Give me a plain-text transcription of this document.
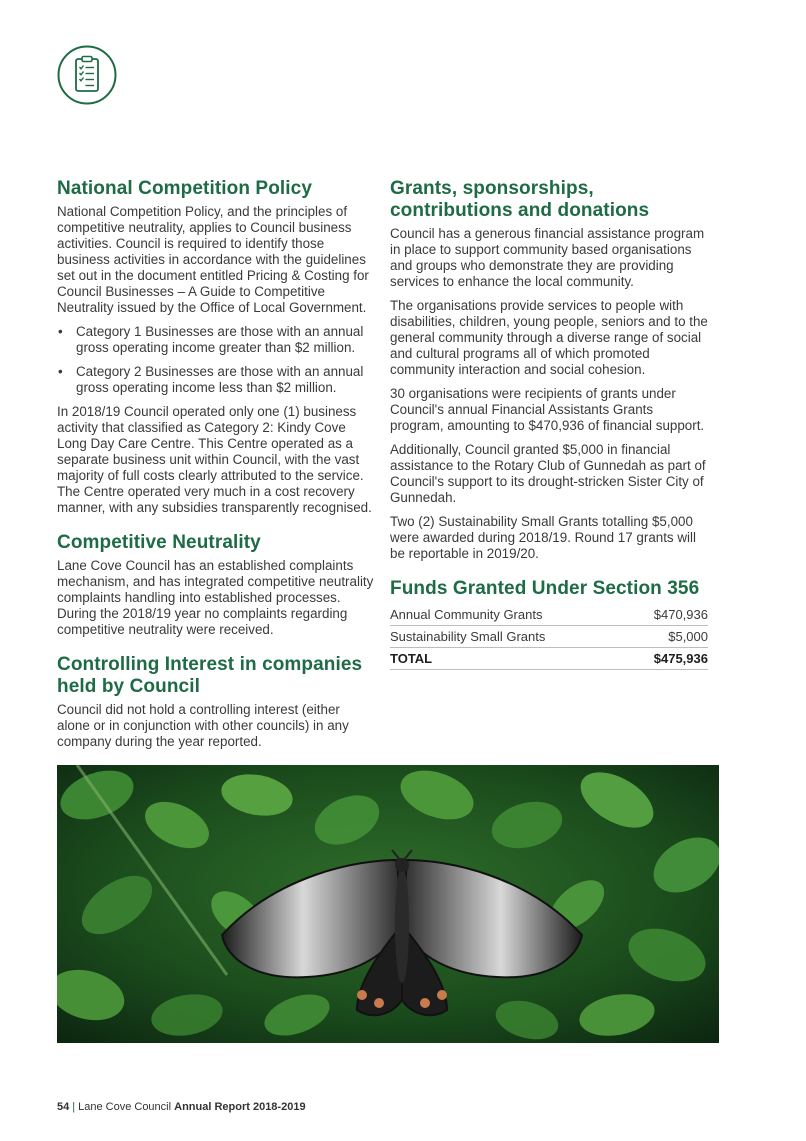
National Competition Policy

National Competition Policy, and the principles of competitive neutrality, applies to Council business activities. Council is required to identify those business activities in accordance with the guidelines set out in the document entitled Pricing & Costing for Council Businesses – A Guide to Competitive Neutrality issued by the Office of Local Government.

• Category 1 Businesses are those with an annual gross operating income greater than $2 million.
• Category 2 Businesses are those with an annual gross operating income less than $2 million.

In 2018/19 Council operated only one (1) business activity that classified as Category 2: Kindy Cove Long Day Care Centre. This Centre operated as a separate business unit within Council, with the vast majority of full costs clearly attributed to the service. The Centre operated very much in a cost recovery manner, with any subsidies transparently recognised.

Competitive Neutrality

Lane Cove Council has an established complaints mechanism, and has integrated competitive neutrality complaints handling into established processes. During the 2018/19 year no complaints regarding competitive neutrality were received.

Controlling Interest in companies held by Council

Council did not hold a controlling interest (either alone or in conjunction with other councils) in any company during the year reported.

Grants, sponsorships, contributions and donations

Council has a generous financial assistance program in place to support community based organisations and groups who demonstrate they are providing services to enhance the local community.

The organisations provide services to people with disabilities, children, young people, seniors and to the general community through a diverse range of social and cultural programs all of which promoted community interaction and social cohesion.

30 organisations were recipients of grants under Council's annual Financial Assistants Grants program, amounting to $470,936 of financial support.

Additionally, Council granted $5,000 in financial assistance to the Rotary Club of Gunnedah as part of Council's support to its drought-stricken Sister City of Gunnedah.

Two (2) Sustainability Small Grants totalling $5,000 were awarded during 2018/19. Round 17 grants will be reportable in 2019/20.

Funds Granted Under Section 356
Annual Community Grants	$470,936
Sustainability Small Grants	$5,000
TOTAL	$475,936
54 | Lane Cove Council Annual Report 2018-2019
